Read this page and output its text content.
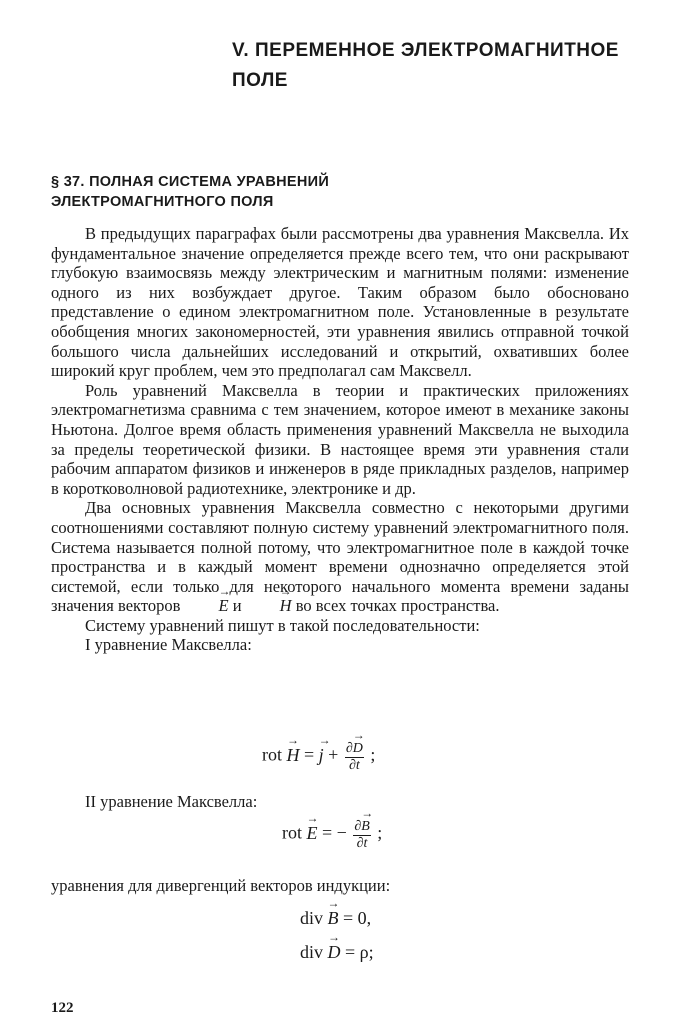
V. ПЕРЕМЕННОЕ ЭЛЕКТРОМАГНИТНОЕ ПОЛЕ
§ 37. ПОЛНАЯ СИСТЕМА УРАВНЕНИЙ ЭЛЕКТРОМАГНИТНОГО ПОЛЯ

В предыдущих параграфах были рассмотрены два уравнения Максвелла. Их фундаментальное значение определяется прежде всего тем, что они раскрывают глубокую взаимосвязь между электрическим и магнитным полями: изменение одного из них возбуждает другое. Таким образом было обосновано представление о едином электромагнитном поле. Установленные в результате обобщения многих закономерностей, эти уравнения явились отправной точкой большого числа дальнейших исследований и открытий, охвативших более широкий круг проблем, чем это предполагал сам Максвелл.

Роль уравнений Максвелла в теории и практических приложениях электромагнетизма сравнима с тем значением, которое имеют в механике законы Ньютона. Долгое время область применения уравнений Максвелла не выходила за пределы теоретической физики. В настоящее время эти уравнения стали рабочим аппаратом физиков и инженеров в ряде прикладных разделов, например в коротковолновой радиотехнике, электронике и др.

Два основных уравнения Максвелла совместно с некоторыми другими соотношениями составляют полную систему уравнений электромагнитного поля. Система называется полной потому, что электромагнитное поле в каждой точке пространства и в каждый момент времени однозначно определяется этой системой, если только для некоторого начального момента времени заданы значения векторов → E и → H во всех точках пространства.

Систему уравнений пишут в такой последовательности:

I уравнение Максвелла:

rot → H = → $j + \frac{\partial\to D}{\partial t}$ ;
II уравнение Максвелла:
rot → E = − $\frac{\partial\to B}{\partial t}$ ;
уравнения для дивергенций векторов индукции:
div → B = 0,
div → D = ρ;
122
